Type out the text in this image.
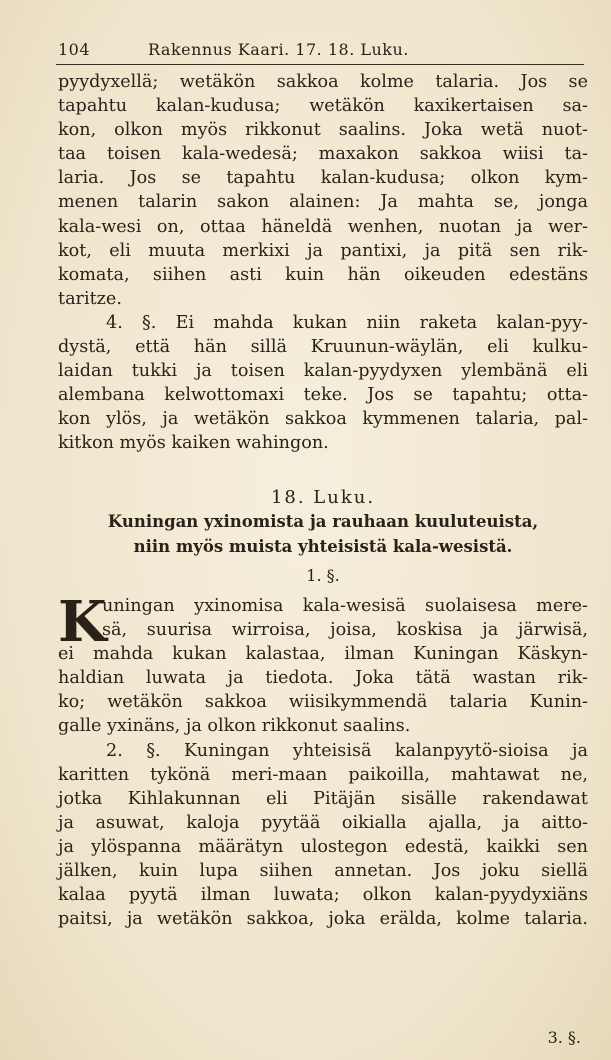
104	Rakennus Kaari. 17. 18. Luku.
pyydyxellä; wetäkön sakkoa kolme talaria. Jos se
tapahtu kalan-kudusa; wetäkön kaxikertaisen sa-
kon, olkon myös rikkonut saalins. Joka wetä nuot-
taa toisen kala-wedesä; maxakon sakkoa wiisi ta-
laria. Jos se tapahtu kalan-kudusa; olkon kym-
menen talarin sakon alainen: Ja mahta se, jonga
kala-wesi on, ottaa häneldä wenhen, nuotan ja wer-
kot, eli muuta merkixi ja pantixi, ja pitä sen rik-
komata, siihen asti kuin hän oikeuden edestäns
taritze.
4. §. Ei mahda kukan niin raketa kalan-pyy-
dystä, että hän sillä Kruunun-wäylän, eli kulku-
laidan tukki ja toisen kalan-pyydyxen ylembänä eli
alembana kelwottomaxi teke. Jos se tapahtu; otta-
kon ylös, ja wetäkön sakkoa kymmenen talaria, pal-
kitkon myös kaiken wahingon.
18. Luku.
Kuningan yxinomista ja rauhaan kuuluteuista,
niin myös muista yhteisistä kala-wesistä.
1. §.
K
uningan yxinomisa kala-wesisä suolaisesa mere-
sä, suurisa wirroisa, joisa, koskisa ja järwisä,
ei mahda kukan kalastaa, ilman Kuningan Käskyn-
haldian luwata ja tiedota. Joka tätä wastan rik-
ko; wetäkön sakkoa wiisikymmendä talaria Kunin-
galle yxinäns, ja olkon rikkonut saalins.
2. §. Kuningan yhteisisä kalanpyytö-sioisa ja
karitten tykönä meri-maan paikoilla, mahtawat ne,
jotka Kihlakunnan eli Pitäjän sisälle rakendawat
ja asuwat, kaloja pyytää oikialla ajalla, ja aitto-
ja ylöspanna määrätyn ulostegon edestä, kaikki sen
jälken, kuin lupa siihen annetan. Jos joku siellä
kalaa pyytä ilman luwata; olkon kalan-pyydyxiäns
paitsi, ja wetäkön sakkoa, joka erälda, kolme talaria.
3. §.
